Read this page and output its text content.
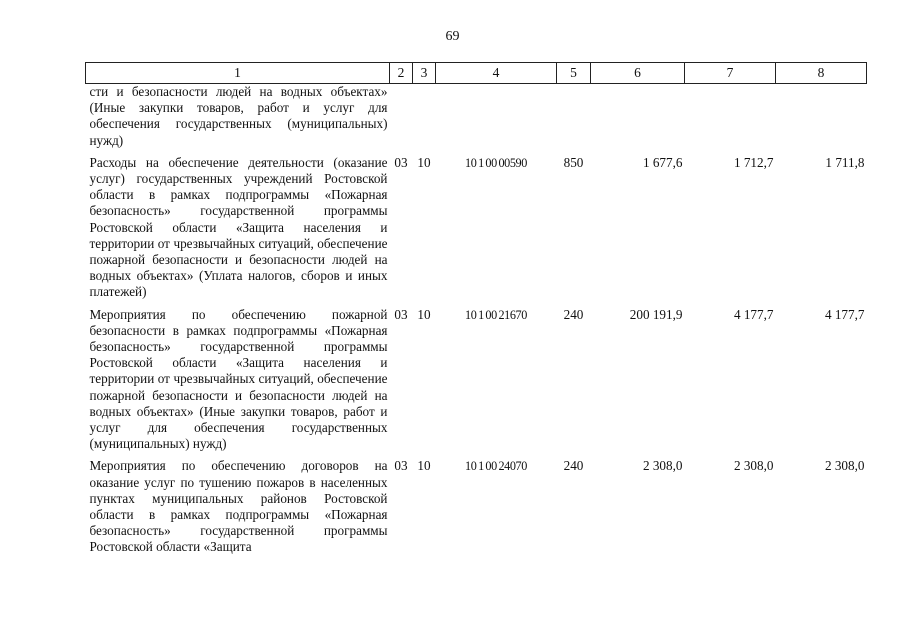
69
1	2	3	4	5	6	7	8
сти и безопасности людей на водных объектах» (Иные закупки товаров, работ и услуг для обеспечения государственных (муниципальных) нужд)							
Расходы на обеспечение деятельности (оказание услуг) государственных учреждений Ростовской области в рамках подпрограммы «Пожарная безопасность» государственной программы Ростовской области «Защита населения и территории от чрезвычайных ситуаций, обеспечение пожарной безопасности и безопасности людей на водных объектах» (Уплата налогов, сборов и иных платежей)	03	10	10 1 00 00590	850	1 677,6	1 712,7	1 711,8
Мероприятия по обеспечению пожарной безопасности в рамках подпрограммы «Пожарная безопасность» государственной программы Ростовской области «Защита населения и территории от чрезвычайных ситуаций, обеспечение пожарной безопасности и безопасности людей на водных объектах» (Иные закупки товаров, работ и услуг для обеспечения государственных (муниципальных) нужд)	03	10	10 1 00 21670	240	200 191,9	4 177,7	4 177,7
Мероприятия по обеспечению договоров на оказание услуг по тушению пожаров в населенных пунктах муниципальных районов Ростовской области в рамках подпрограммы «Пожарная безопасность» государственной программы Ростовской области «Защита	03	10	10 1 00 24070	240	2 308,0	2 308,0	2 308,0
